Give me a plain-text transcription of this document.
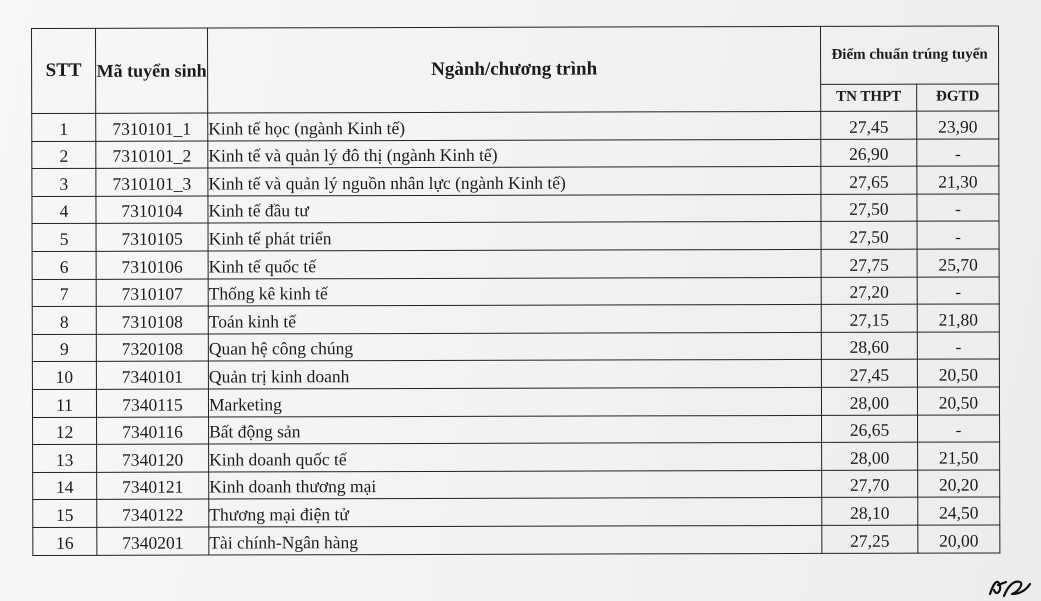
STT	Mã tuyển sinh	Ngành/chương trình	Điểm chuẩn trúng tuyển	
			TN THPT	ĐGTD
1	7310101_1	Kinh tế học (ngành Kinh tế)	27,45	23,90
2	7310101_2	Kinh tế và quản lý đô thị (ngành Kinh tế)	26,90	-
3	7310101_3	Kinh tế và quản lý nguồn nhân lực (ngành Kinh tế)	27,65	21,30
4	7310104	Kinh tế đầu tư	27,50	-
5	7310105	Kinh tế phát triển	27,50	-
6	7310106	Kinh tế quốc tế	27,75	25,70
7	7310107	Thống kê kinh tế	27,20	-
8	7310108	Toán kinh tế	27,15	21,80
9	7320108	Quan hệ công chúng	28,60	-
10	7340101	Quản trị kinh doanh	27,45	20,50
11	7340115	Marketing	28,00	20,50
12	7340116	Bất động sản	26,65	-
13	7340120	Kinh doanh quốc tế	28,00	21,50
14	7340121	Kinh doanh thương mại	27,70	20,20
15	7340122	Thương mại điện tử	28,10	24,50
16	7340201	Tài chính-Ngân hàng	27,25	20,00
